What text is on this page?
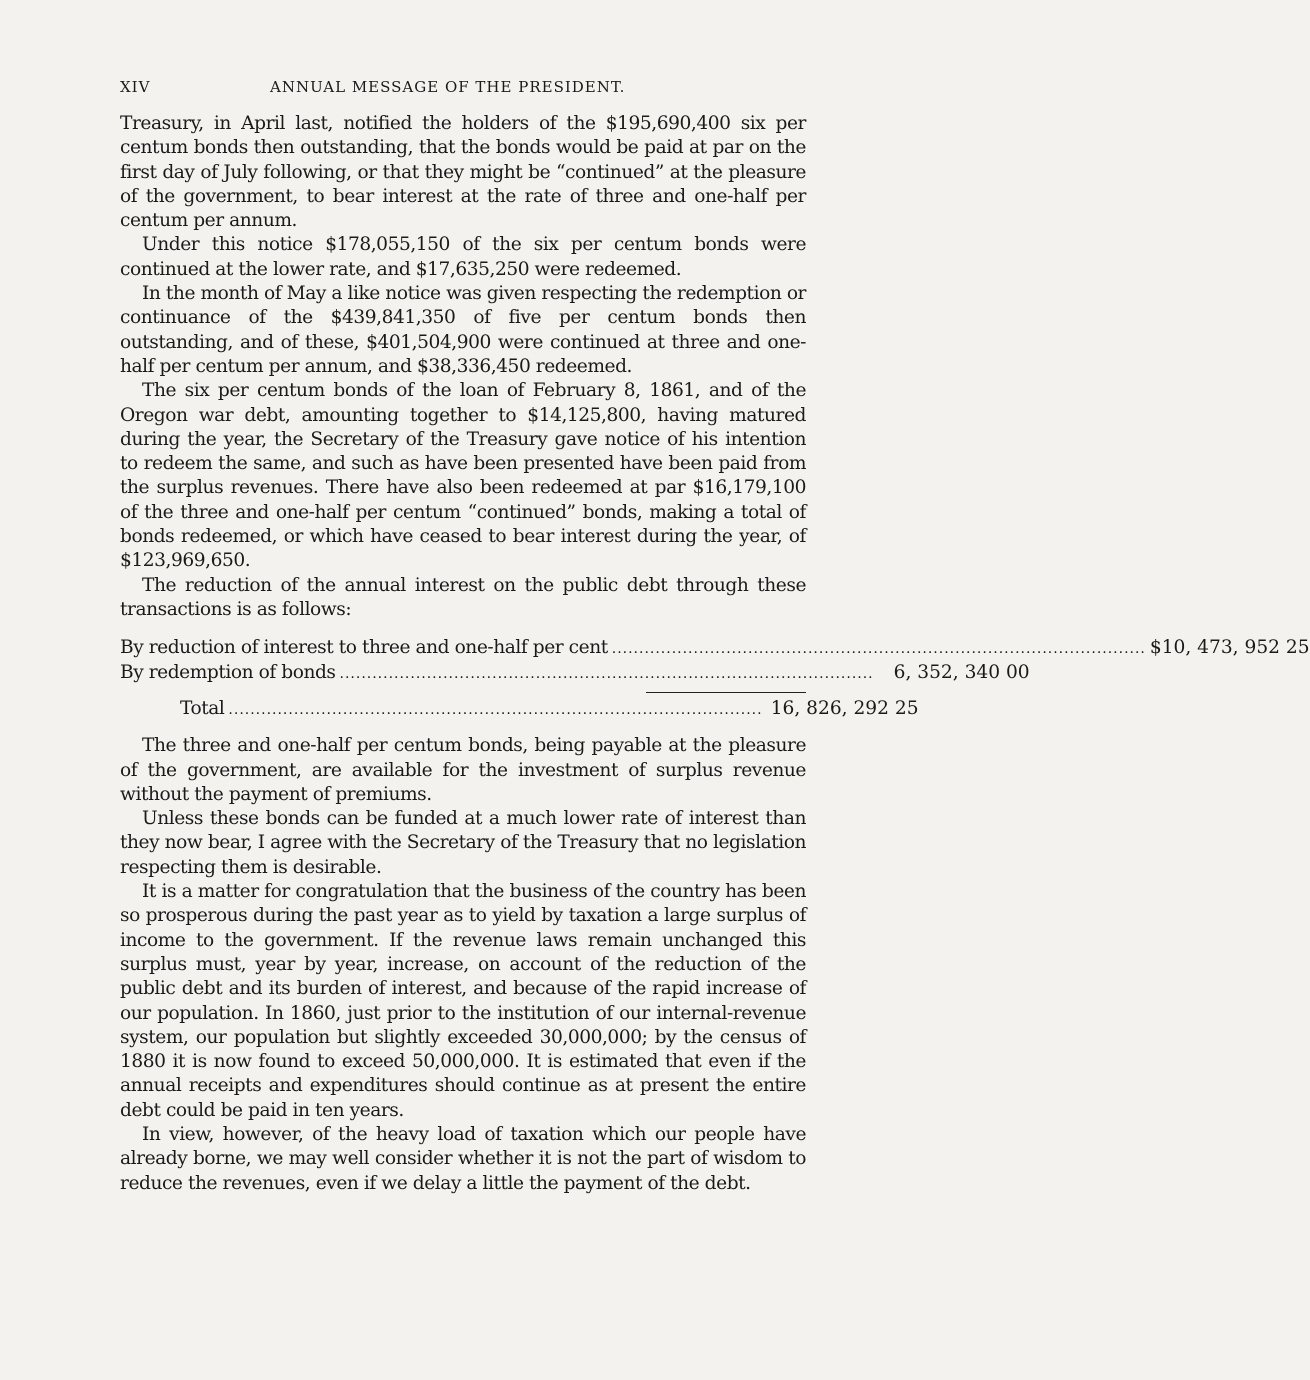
XIV	ANNUAL MESSAGE OF THE PRESIDENT.

Treasury, in April last, notified the holders of the $195,690,400 six per centum bonds then outstanding, that the bonds would be paid at par on the first day of July following, or that they might be “continued” at the pleasure of the government, to bear interest at the rate of three and one-half per centum per annum.

Under this notice $178,055,150 of the six per centum bonds were continued at the lower rate, and $17,635,250 were redeemed.

In the month of May a like notice was given respecting the redemption or continuance of the $439,841,350 of five per centum bonds then outstanding, and of these, $401,504,900 were continued at three and one-half per centum per annum, and $38,336,450 redeemed.

The six per centum bonds of the loan of February 8, 1861, and of the Oregon war debt, amounting together to $14,125,800, having matured during the year, the Secretary of the Treasury gave notice of his intention to redeem the same, and such as have been presented have been paid from the surplus revenues. There have also been redeemed at par $16,179,100 of the three and one-half per centum “continued” bonds, making a total of bonds redeemed, or which have ceased to bear interest during the year, of $123,969,650.

The reduction of the annual interest on the public debt through these transactions is as follows:

By reduction of interest to three and one-half per cent .................................................................................................. $10, 473, 952 25
By redemption of bonds ..................................................................................................	6, 352, 340 00
Total .................................................................................................. 16, 826, 292 25

The three and one-half per centum bonds, being payable at the pleasure of the government, are available for the investment of surplus revenue without the payment of premiums.

Unless these bonds can be funded at a much lower rate of interest than they now bear, I agree with the Secretary of the Treasury that no legislation respecting them is desirable.

It is a matter for congratulation that the business of the country has been so prosperous during the past year as to yield by taxation a large surplus of income to the government. If the revenue laws remain unchanged this surplus must, year by year, increase, on account of the reduction of the public debt and its burden of interest, and because of the rapid increase of our population. In 1860, just prior to the institution of our internal-revenue system, our population but slightly exceeded 30,000,000; by the census of 1880 it is now found to exceed 50,000,000. It is estimated that even if the annual receipts and expenditures should continue as at present the entire debt could be paid in ten years.

In view, however, of the heavy load of taxation which our people have already borne, we may well consider whether it is not the part of wisdom to reduce the revenues, even if we delay a little the payment of the debt.
